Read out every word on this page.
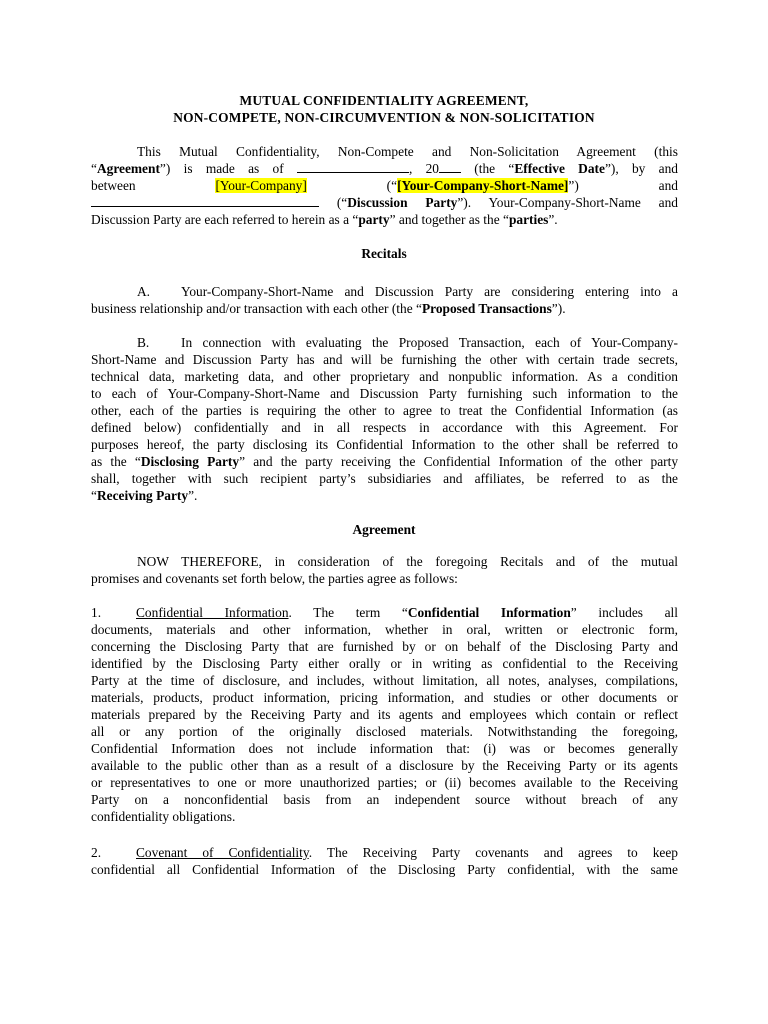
MUTUAL CONFIDENTIALITY AGREEMENT,
NON-COMPETE, NON-CIRCUMVENTION & NON-SOLICITATION
This Mutual Confidentiality, Non-Compete and Non-Solicitation Agreement (this
“Agreement”) is made as of	, 20 (the “Effective Date”), by and
between	[Your-Company]	(“[Your-Company-Short-Name]”)	and
(“Discussion Party”). Your-Company-Short-Name and
Discussion Party are each referred to herein as a “party” and together as the “parties”.
Recitals
A. Your-Company-Short-Name and Discussion Party are considering entering into a
business relationship and/or transaction with each other (the “Proposed Transactions”).
B. In connection with evaluating the Proposed Transaction, each of Your-Company-
Short-Name and Discussion Party has and will be furnishing the other with certain trade secrets,
technical data, marketing data, and other proprietary and nonpublic information. As a condition
to each of Your-Company-Short-Name and Discussion Party furnishing such information to the
other, each of the parties is requiring the other to agree to treat the Confidential Information (as
defined below) confidentially and in all respects in accordance with this Agreement. For
purposes hereof, the party disclosing its Confidential Information to the other shall be referred to
as the “Disclosing Party” and the party receiving the Confidential Information of the other party
shall, together with such recipient party’s subsidiaries and affiliates, be referred to as the
“Receiving Party”.
Agreement
NOW THEREFORE, in consideration of the foregoing Recitals and of the mutual
promises and covenants set forth below, the parties agree as follows:
1.	Confidential Information. The term “Confidential Information” includes all
documents, materials and other information, whether in oral, written or electronic form,
concerning the Disclosing Party that are furnished by or on behalf of the Disclosing Party and
identified by the Disclosing Party either orally or in writing as confidential to the Receiving
Party at the time of disclosure, and includes, without limitation, all notes, analyses, compilations,
materials, products, product information, pricing information, and studies or other documents or
materials prepared by the Receiving Party and its agents and employees which contain or reflect
all or any portion of the originally disclosed materials. Notwithstanding the foregoing,
Confidential Information does not include information that: (i) was or becomes generally
available to the public other than as a result of a disclosure by the Receiving Party or its agents
or representatives to one or more unauthorized parties; or (ii) becomes available to the Receiving
Party on a nonconfidential basis from an independent source without breach of any
confidentiality obligations.
2.	Covenant of Confidentiality. The Receiving Party covenants and agrees to keep
confidential all Confidential Information of the Disclosing Party confidential, with the same
